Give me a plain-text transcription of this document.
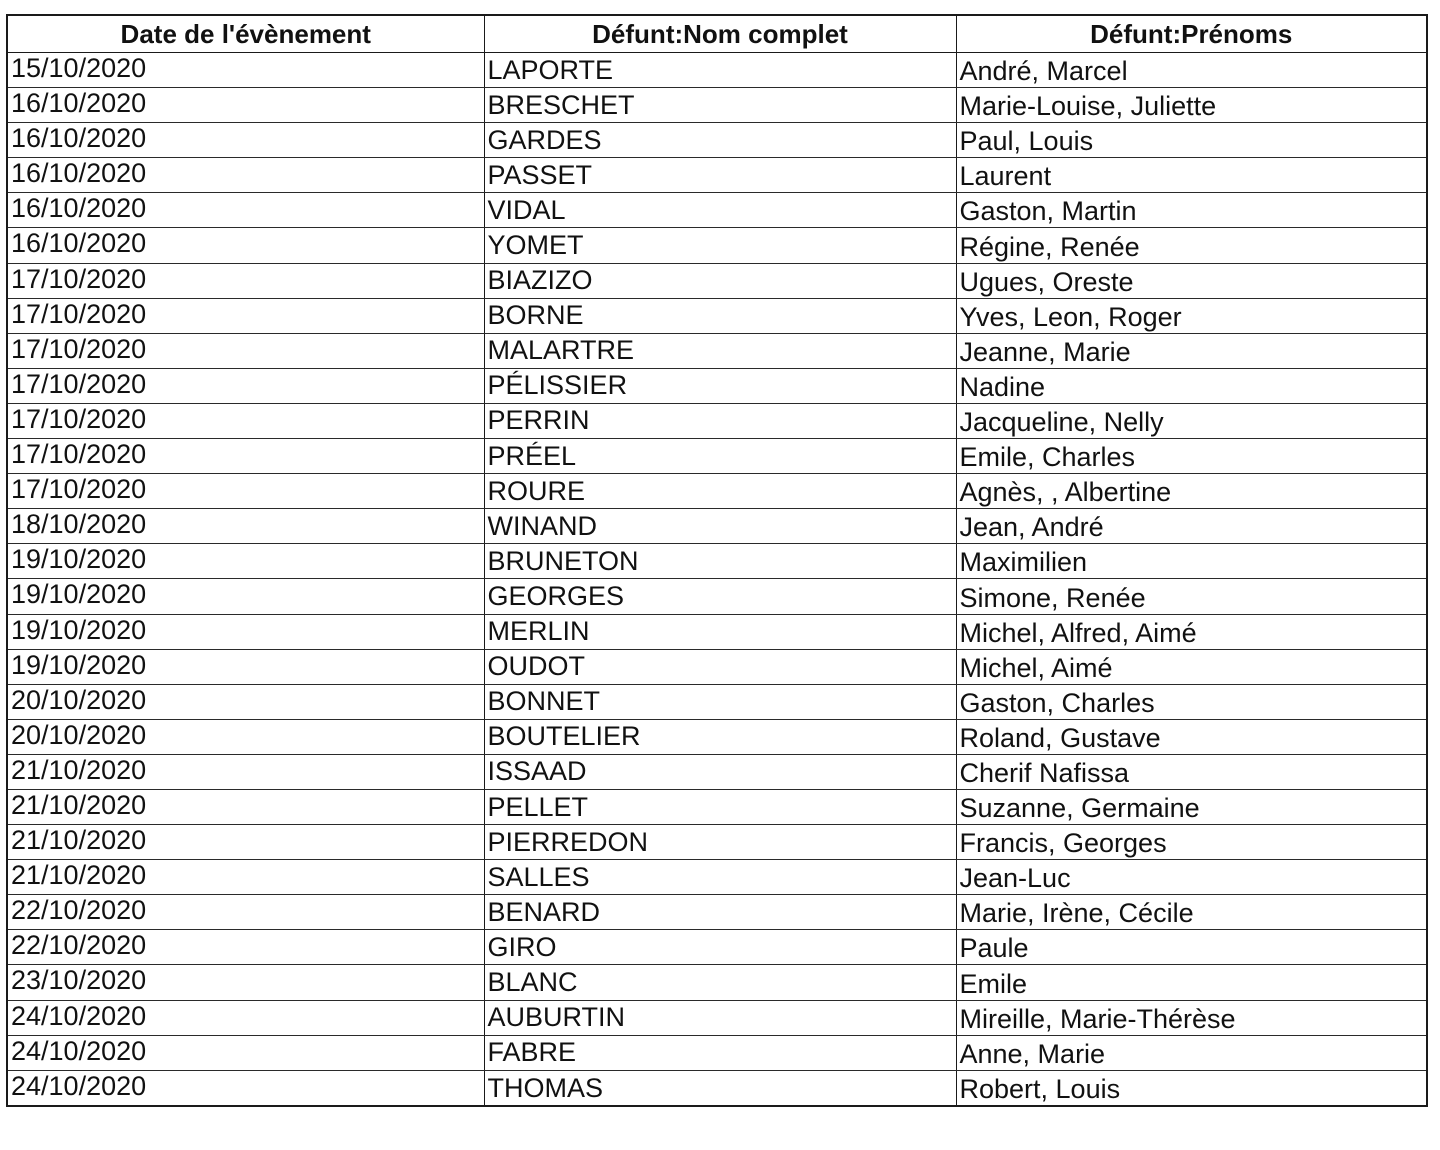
Date de l'évènement	Défunt:Nom complet	Défunt:Prénoms
15/10/2020	LAPORTE	André, Marcel
16/10/2020	BRESCHET	Marie-Louise, Juliette
16/10/2020	GARDES	Paul, Louis
16/10/2020	PASSET	Laurent
16/10/2020	VIDAL	Gaston, Martin
16/10/2020	YOMET	Régine, Renée
17/10/2020	BIAZIZO	Ugues, Oreste
17/10/2020	BORNE	Yves, Leon, Roger
17/10/2020	MALARTRE	Jeanne, Marie
17/10/2020	PÉLISSIER	Nadine
17/10/2020	PERRIN	Jacqueline, Nelly
17/10/2020	PRÉEL	Emile, Charles
17/10/2020	ROURE	Agnès, , Albertine
18/10/2020	WINAND	Jean, André
19/10/2020	BRUNETON	Maximilien
19/10/2020	GEORGES	Simone, Renée
19/10/2020	MERLIN	Michel, Alfred, Aimé
19/10/2020	OUDOT	Michel, Aimé
20/10/2020	BONNET	Gaston, Charles
20/10/2020	BOUTELIER	Roland, Gustave
21/10/2020	ISSAAD	Cherif Nafissa
21/10/2020	PELLET	Suzanne, Germaine
21/10/2020	PIERREDON	Francis, Georges
21/10/2020	SALLES	Jean-Luc
22/10/2020	BENARD	Marie, Irène, Cécile
22/10/2020	GIRO	Paule
23/10/2020	BLANC	Emile
24/10/2020	AUBURTIN	Mireille, Marie-Thérèse
24/10/2020	FABRE	Anne, Marie
24/10/2020	THOMAS	Robert, Louis
